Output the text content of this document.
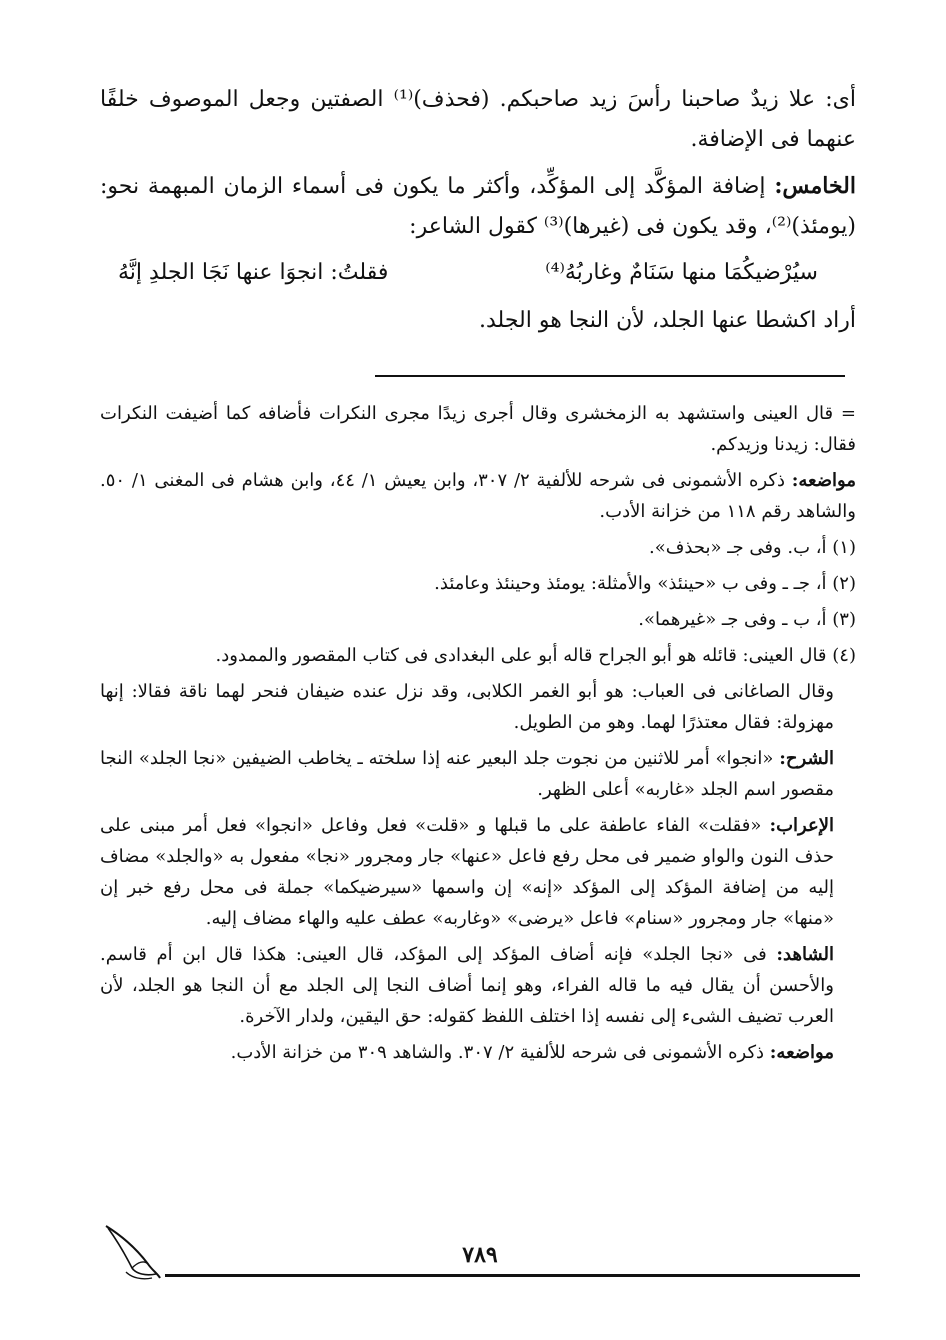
أى: علا زيدٌ صاحبنا رأسَ زيد صاحبكم. (فحذف)⁽¹⁾ الصفتين وجعل الموصوف خلفًا عنهما فى الإضافة.

الخامس: إضافة المؤكَّد إلى المؤكِّد، وأكثر ما يكون فى أسماء الزمان المبهمة نحو: (يومئذ)⁽²⁾، وقد يكون فى (غيرها)⁽³⁾ كقول الشاعر:

فقلتُ: انجوَا عنها نَجَا الجلدِ إنَّهُ	سيُرْضيكُمَا منها سَنَامٌ وغاربُهُ⁽⁴⁾

أراد اكشطا عنها الجلد، لأن النجا هو الجلد.

= قال العينى واستشهد به الزمخشرى وقال أجرى زيدًا مجرى النكرات فأضافه كما أضيفت النكرات فقال: زيدنا وزيدكم.

مواضعه: ذكره الأشمونى فى شرحه للألفية ٢/ ٣٠٧، وابن يعيش ١/ ٤٤، وابن هشام فى المغنى ١/ ٥٠. والشاهد رقم ١١٨ من خزانة الأدب.

(١) أ، ب. وفى جـ «بحذف».

(٢) أ، جـ ـ وفى ب «حينئذ» والأمثلة: يومئذ وحينئذ وعامئذ.

(٣) أ، ب ـ وفى جـ «غيرهما».

(٤) قال العينى: قائله هو أبو الجراح قاله أبو على البغدادى فى كتاب المقصور والممدود.

وقال الصاغانى فى العباب: هو أبو الغمر الكلابى، وقد نزل عنده ضيفان فنحر لهما ناقة فقالا: إنها مهزولة: فقال معتذرًا لهما. وهو من الطويل.

الشرح: «انجوا» أمر للاثنين من نجوت جلد البعير عنه إذا سلخته ـ يخاطب الضيفين «نجا الجلد» النجا مقصور اسم الجلد «غاربه» أعلى الظهر.

الإعراب: «فقلت» الفاء عاطفة على ما قبلها و «قلت» فعل وفاعل «انجوا» فعل أمر مبنى على حذف النون والواو ضمير فى محل رفع فاعل «عنها» جار ومجرور «نجا» مفعول به «والجلد» مضاف إليه من إضافة المؤكد إلى المؤكد «إنه» إن واسمها «سيرضيكما» جملة فى محل رفع خبر إن «منها» جار ومجرور «سنام» فاعل «يرضى» «وغاربه» عطف عليه والهاء مضاف إليه.

الشاهد: فى «نجا الجلد» فإنه أضاف المؤكد إلى المؤكد، قال العينى: هكذا قال ابن أم قاسم. والأحسن أن يقال فيه ما قاله الفراء، وهو إنما أضاف النجا إلى الجلد مع أن النجا هو الجلد، لأن العرب تضيف الشىء إلى نفسه إذا اختلف اللفظ كقوله: حق اليقين، ولدار الآخرة.

مواضعه: ذكره الأشمونى فى شرحه للألفية ٢/ ٣٠٧. والشاهد ٣٠٩ من خزانة الأدب.

٧٨٩
